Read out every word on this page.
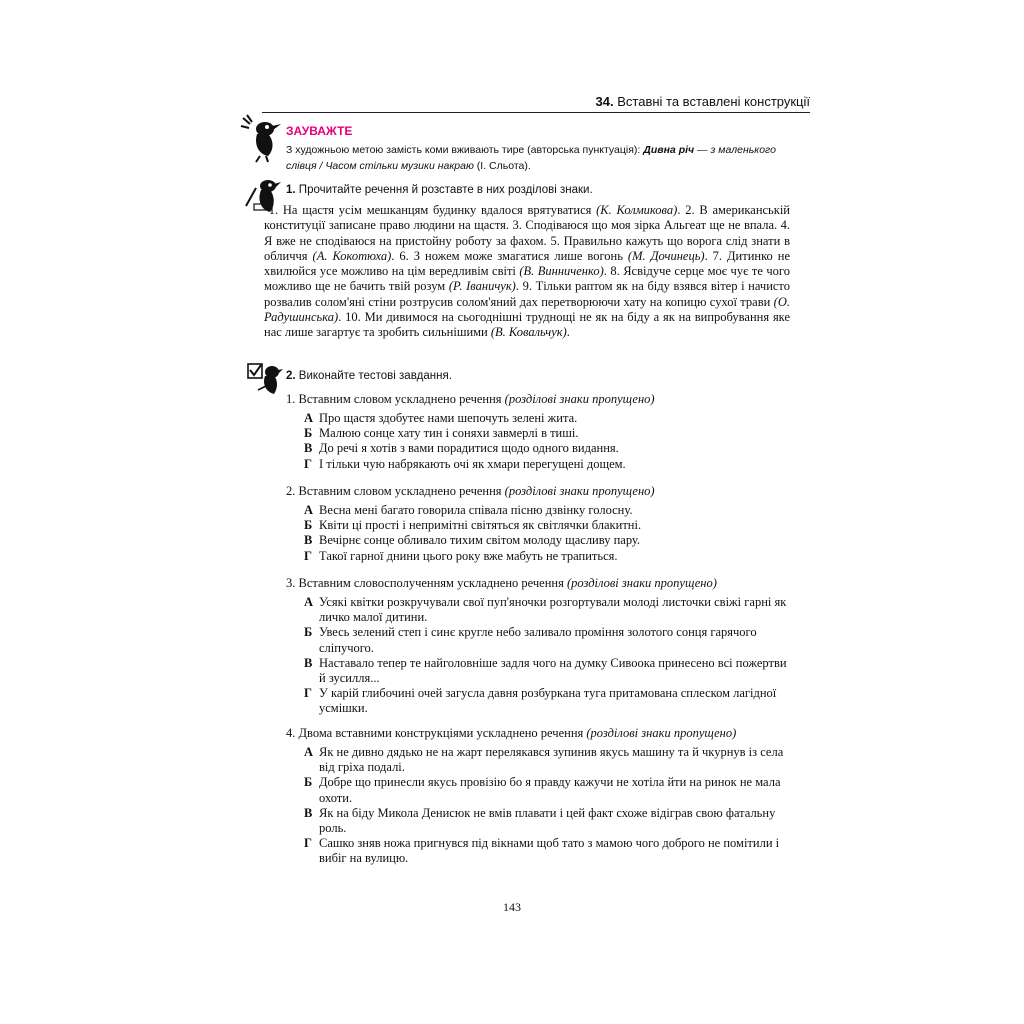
34. Вставні та вставлені конструкції
ЗАУВАЖТЕ
З художньою метою замість коми вживають тире (авторська пунктуація): Дивна річ — з маленького слівця / Часом стільки музики накраю (І. Сльота).
1. Прочитайте речення й розставте в них розділові знаки.
1. На щастя усім мешканцям будинку вдалося врятуватися (К. Колмикова). 2. В американській конституції записане право людини на щастя. 3. Сподіваюся що моя зірка Альгеат ще не впала. 4. Я вже не сподіваюся на пристойну роботу за фахом. 5. Правильно кажуть що ворога слід знати в обличчя (А. Кокотюха). 6. З ножем може змагатися лише вогонь (М. Дочинець). 7. Дитинко не хвилюйся усе можливо на цім вередливім світі (В. Винниченко). 8. Ясвідуче серце моє чує те чого можливо ще не бачить твій розум (Р. Іваничук). 9. Тільки раптом як на біду взявся вітер і начисто розвалив солом'яні стіни розтрусив солом'яний дах перетворюючи хату на копицю сухої трави (О. Радушинська). 10. Ми дивимося на сьогоднішні труднощі не як на біду а як на випробування яке нас лише загартує та зробить сильнішими (В. Ковальчук).
2. Виконайте тестові завдання.
1. Вставним словом ускладнено речення (розділові знаки пропущено)
А Про щастя здобутеє нами шепочуть зелені жита.
Б Малюю сонце хату тин і соняхи завмерлі в тиші.
В До речі я хотів з вами порадитися щодо одного видання.
Г І тільки чую набрякають очі як хмари перегущені дощем.
2. Вставним словом ускладнено речення (розділові знаки пропущено)
А Весна мені багато говорила співала пісню дзвінку голосну.
Б Квіти ці прості і непримітні світяться як світлячки блакитні.
В Вечірнє сонце обливало тихим світом молоду щасливу пару.
Г Такої гарної днини цього року вже мабуть не трапиться.
3. Вставним словосполученням ускладнено речення (розділові знаки пропущено)
А Усякі квітки розкручували свої пуп'яночки розгортували молоді листочки свіжі гарні як личко малої дитини.
Б Увесь зелений степ і синє кругле небо заливало проміння золотого сонця гарячого сліпучого.
В Наставало тепер те найголовніше задля чого на думку Сивоока принесено всі пожертви й зусилля...
Г У карій глибочині очей загусла давня розбуркана туга притамована сплеском лагідної усмішки.
4. Двома вставними конструкціями ускладнено речення (розділові знаки пропущено)
А Як не дивно дядько не на жарт перелякався зупинив якусь машину та й чкурнув із села від гріха подалі.
Б Добре що принесли якусь провізію бо я правду кажучи не хотіла йти на ринок не мала охоти.
В Як на біду Микола Денисюк не вмів плавати і цей факт схоже відіграв свою фатальну роль.
Г Сашко зняв ножа пригнувся під вікнами щоб тато з мамою чого доброго не помітили і вибіг на вулицю.
143
